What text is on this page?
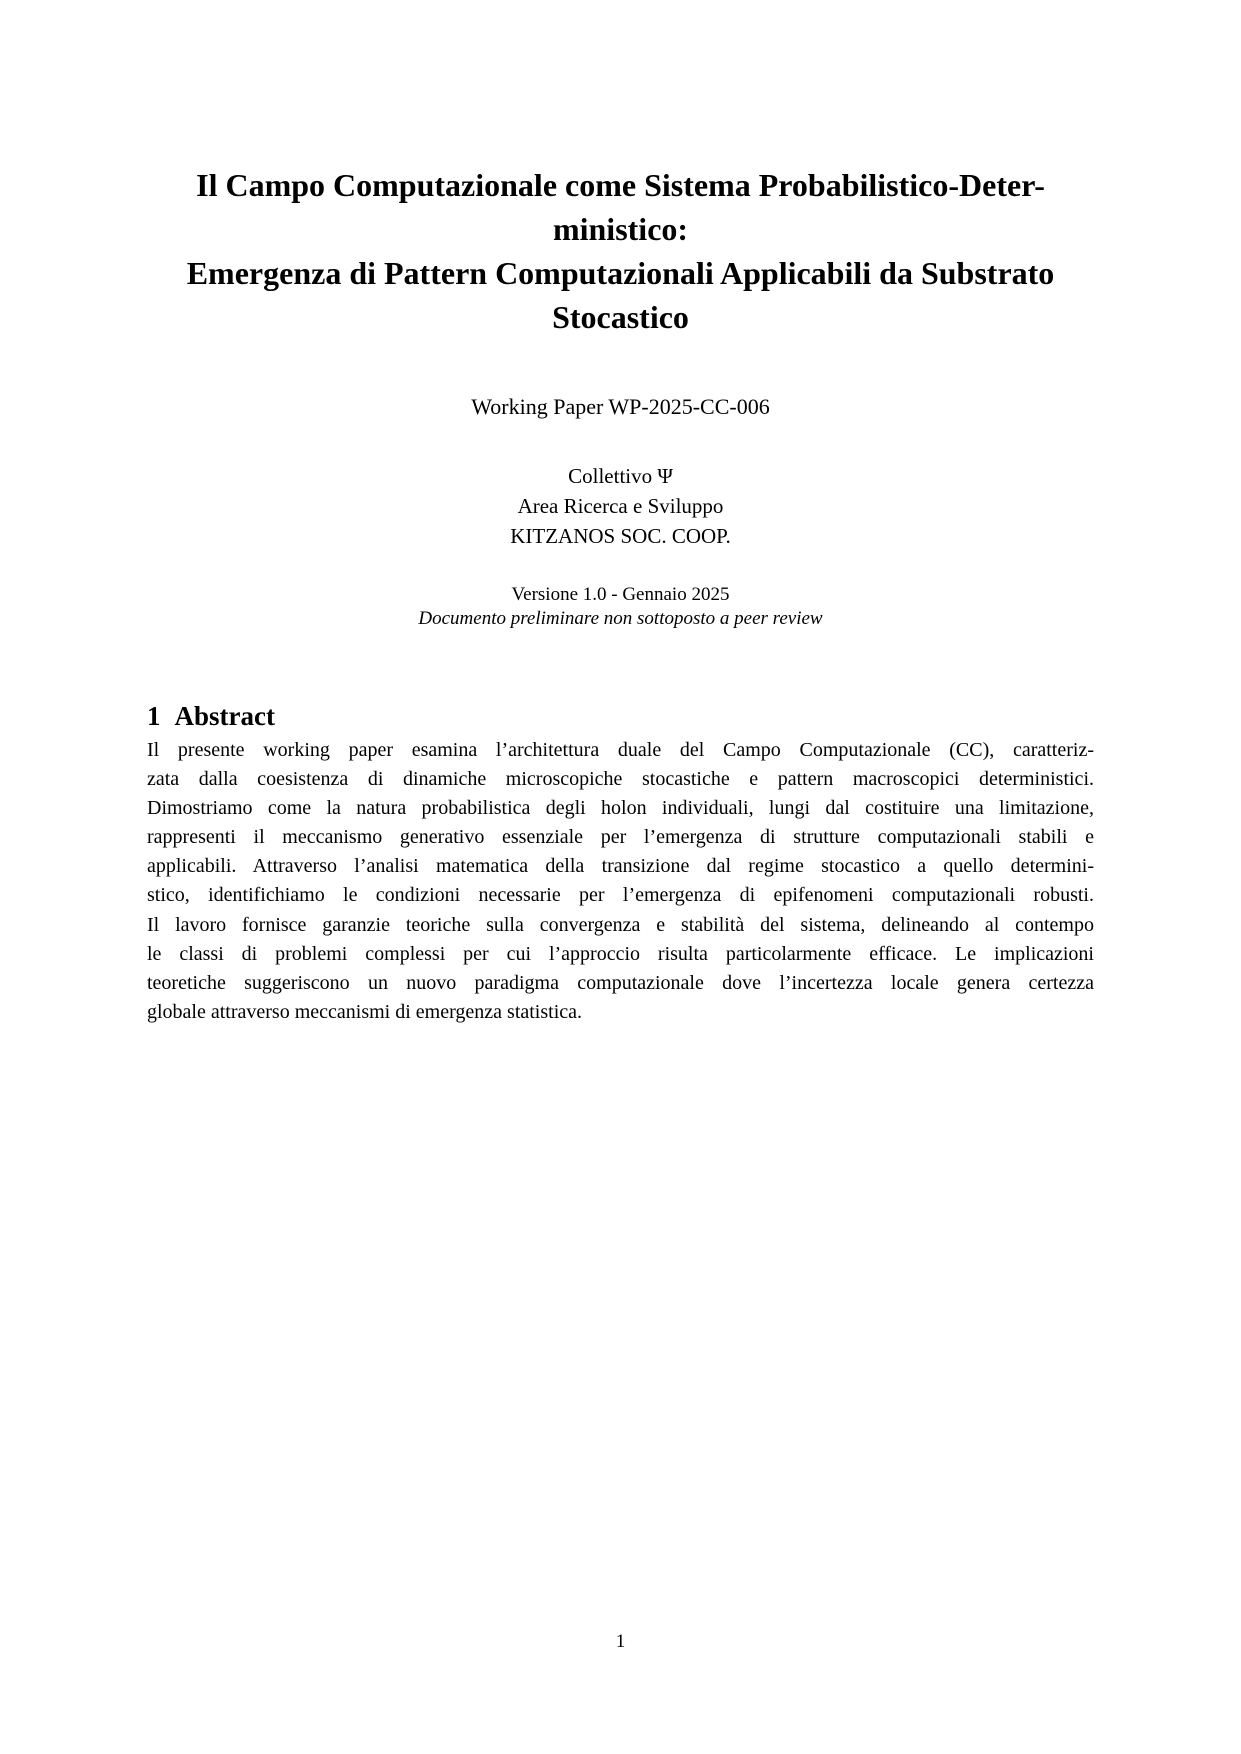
Il Campo Computazionale come Sistema Probabilistico-Deter-
ministico:
Emergenza di Pattern Computazionali Applicabili da Substrato
Stocastico
Working Paper WP-2025-CC-006
Collettivo Ψ
Area Ricerca e Sviluppo
KITZANOS SOC. COOP.
Versione 1.0 - Gennaio 2025
Documento preliminare non sottoposto a peer review
1 Abstract
Il presente working paper esamina l’architettura duale del Campo Computazionale (CC), caratteriz-
zata dalla coesistenza di dinamiche microscopiche stocastiche e pattern macroscopici deterministici.
Dimostriamo come la natura probabilistica degli holon individuali, lungi dal costituire una limitazione,
rappresenti il meccanismo generativo essenziale per l’emergenza di strutture computazionali stabili e
applicabili. Attraverso l’analisi matematica della transizione dal regime stocastico a quello determini-
stico, identifichiamo le condizioni necessarie per l’emergenza di epifenomeni computazionali robusti.
Il lavoro fornisce garanzie teoriche sulla convergenza e stabilità del sistema, delineando al contempo
le classi di problemi complessi per cui l’approccio risulta particolarmente efficace. Le implicazioni
teoretiche suggeriscono un nuovo paradigma computazionale dove l’incertezza locale genera certezza
globale attraverso meccanismi di emergenza statistica.
1
